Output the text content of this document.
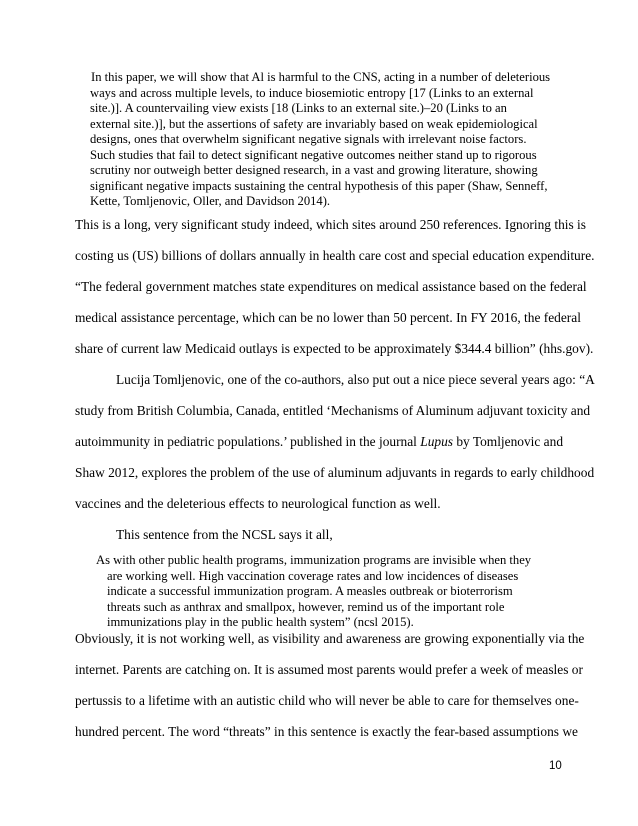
In this paper, we will show that Al is harmful to the CNS, acting in a number of deleterious
ways and across multiple levels, to induce biosemiotic entropy [17 (Links to an external
site.)]. A countervailing view exists [18 (Links to an external site.)–20 (Links to an
external site.)], but the assertions of safety are invariably based on weak epidemiological
designs, ones that overwhelm significant negative signals with irrelevant noise factors.
Such studies that fail to detect significant negative outcomes neither stand up to rigorous
scrutiny nor outweigh better designed research, in a vast and growing literature, showing
significant negative impacts sustaining the central hypothesis of this paper (Shaw, Senneff,
Kette, Tomljenovic, Oller, and Davidson 2014).
This is a long, very significant study indeed, which sites around 250 references. Ignoring this is
costing us (US) billions of dollars annually in health care cost and special education expenditure.
“The federal government matches state expenditures on medical assistance based on the federal
medical assistance percentage, which can be no lower than 50 percent. In FY 2016, the federal
share of current law Medicaid outlays is expected to be approximately $344.4 billion” (hhs.gov).
Lucija Tomljenovic, one of the co-authors, also put out a nice piece several years ago: “A
study from British Columbia, Canada, entitled ‘Mechanisms of Aluminum adjuvant toxicity and
autoimmunity in pediatric populations.’ published in the journal Lupus by Tomljenovic and
Shaw 2012, explores the problem of the use of aluminum adjuvants in regards to early childhood
vaccines and the deleterious effects to neurological function as well.
This sentence from the NCSL says it all,
As with other public health programs, immunization programs are invisible when they
are working well. High vaccination coverage rates and low incidences of diseases
indicate a successful immunization program. A measles outbreak or bioterrorism
threats such as anthrax and smallpox, however, remind us of the important role
immunizations play in the public health system” (ncsl 2015).
Obviously, it is not working well, as visibility and awareness are growing exponentially via the
internet. Parents are catching on. It is assumed most parents would prefer a week of measles or
pertussis to a lifetime with an autistic child who will never be able to care for themselves one-
hundred percent. The word “threats” in this sentence is exactly the fear-based assumptions we
10
